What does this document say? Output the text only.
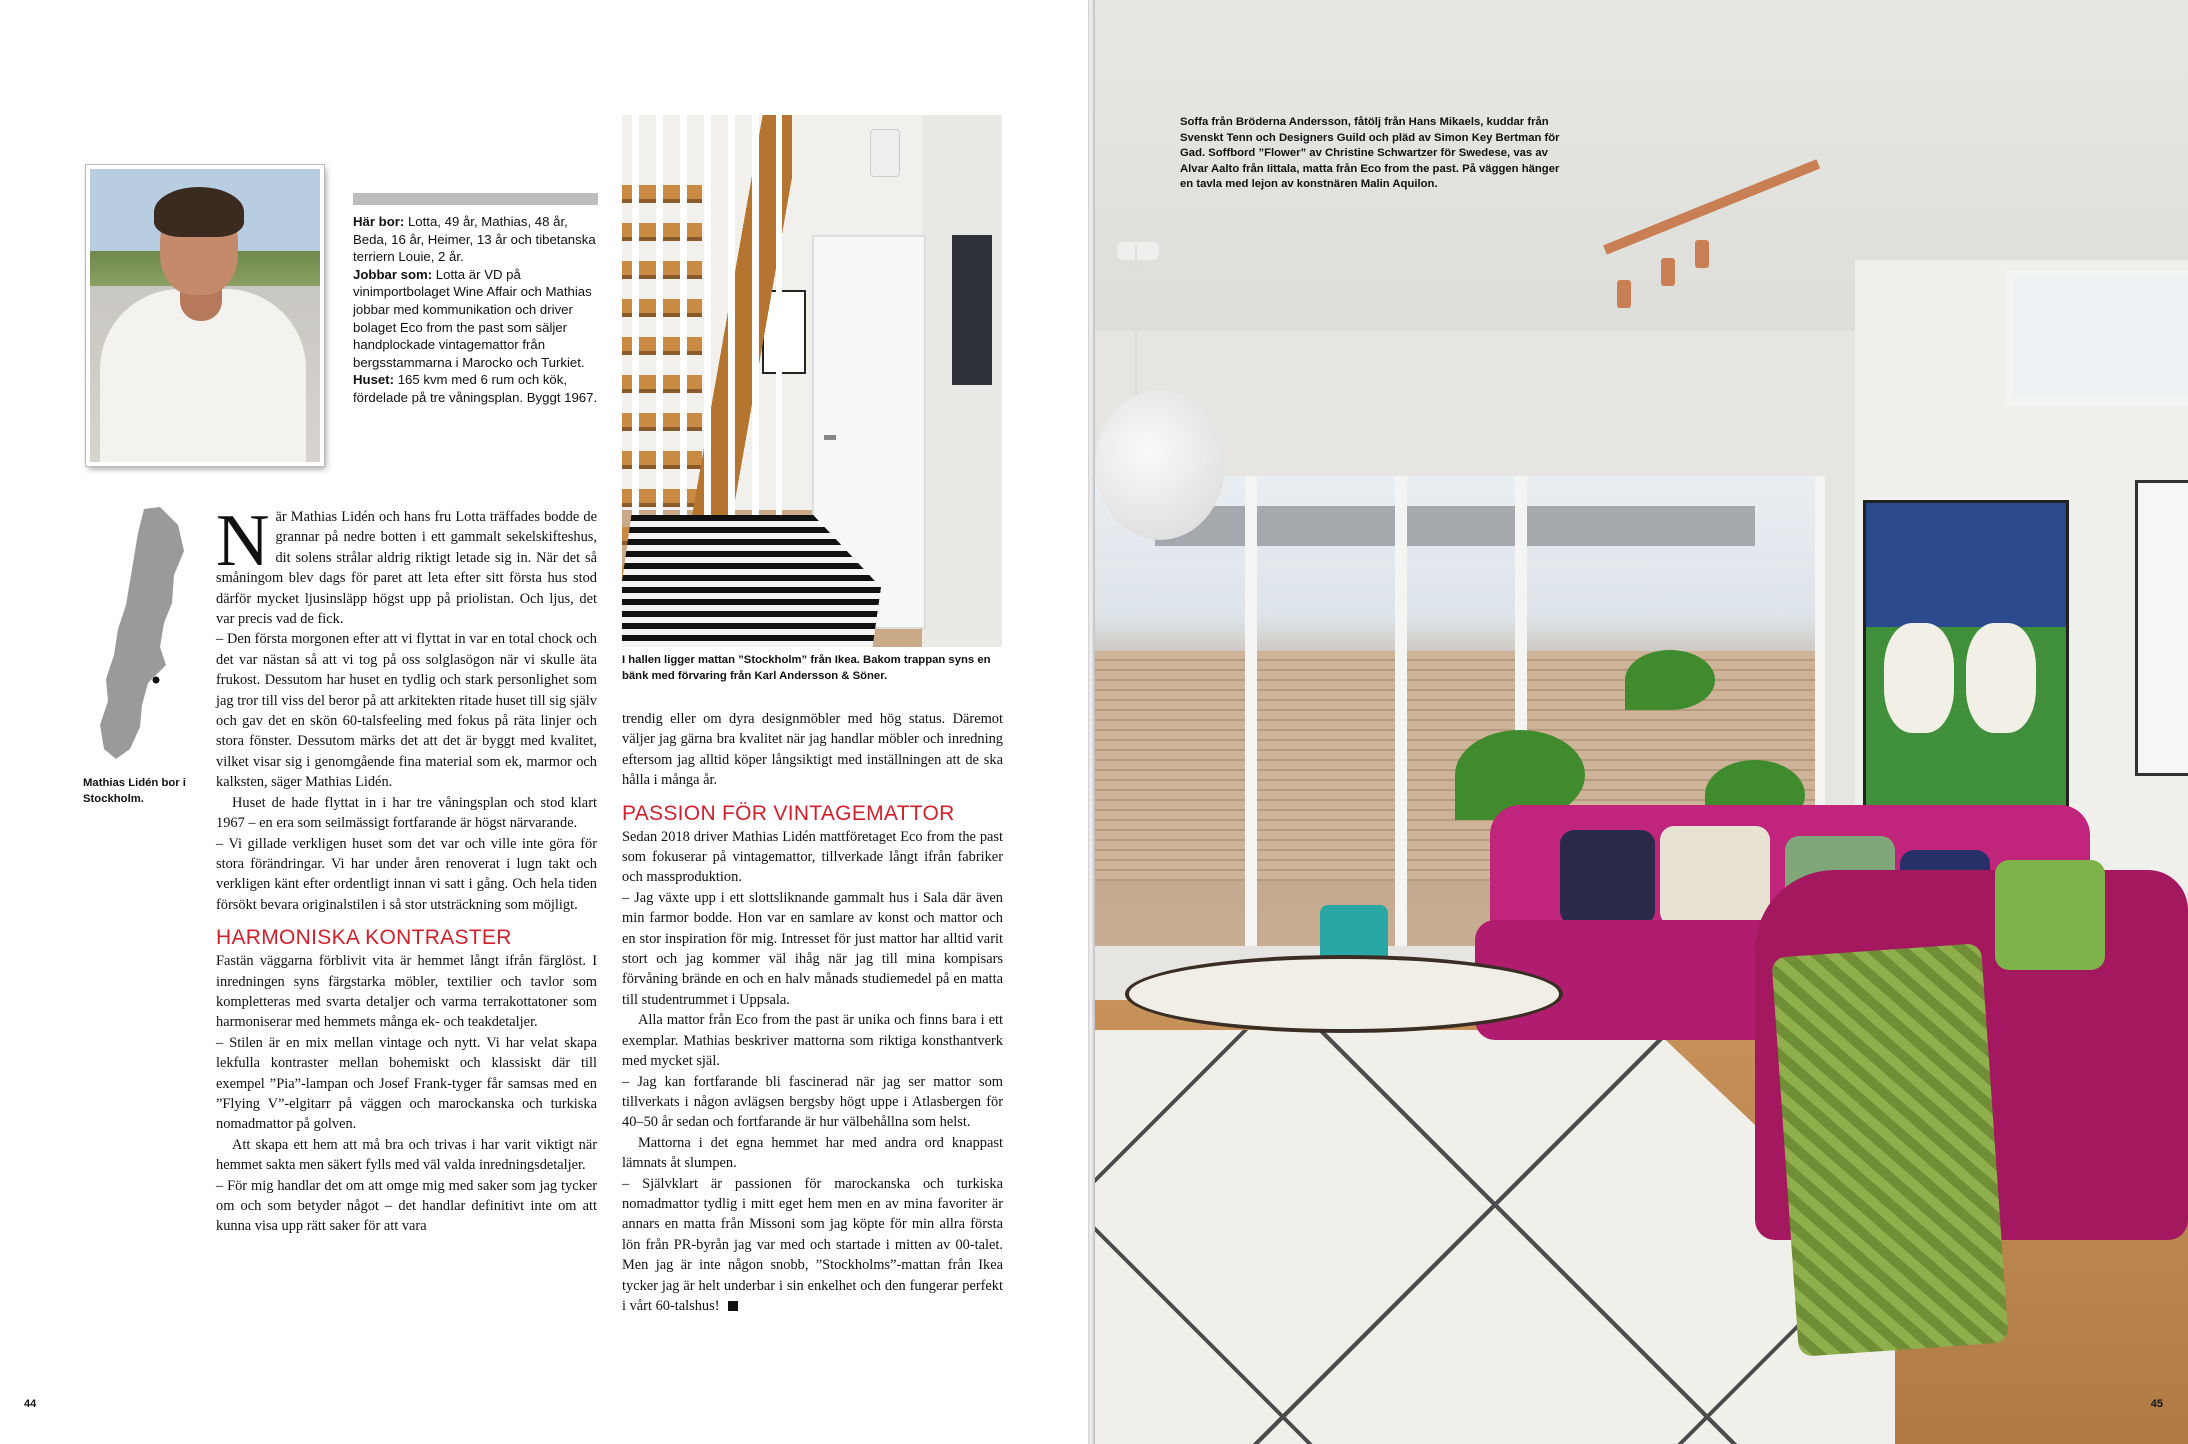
Här bor: Lotta, 49 år, Mathias, 48 år, Beda, 16 år, Heimer, 13 år och tibetanska terriern Louie, 2 år.
Jobbar som: Lotta är VD på vinimportbolaget Wine Affair och Mathias jobbar med kommunikation och driver bolaget Eco from the past som säljer handplockade vintagemattor från bergsstammarna i Marocko och Turkiet.
Huset: 165 kvm med 6 rum och kök, fördelade på tre våningsplan. Byggt 1967.
I hallen ligger mattan ”Stockholm” från Ikea. Bakom trappan syns en bänk med förvaring från Karl Andersson & Söner.
Mathias Lidén bor i Stockholm.

När Mathias Lidén och hans fru Lotta träffades bodde de grannar på nedre botten i ett gammalt sekelskifteshus, dit solens strålar aldrig riktigt letade sig in. När det så småningom blev dags för paret att leta efter sitt första hus stod därför mycket ljusinsläpp högst upp på priolistan. Och ljus, det var precis vad de fick.

– Den första morgonen efter att vi flyttat in var en total chock och det var nästan så att vi tog på oss solglasögon när vi skulle äta frukost. Dessutom har huset en tydlig och stark personlighet som jag tror till viss del beror på att arkitekten ritade huset till sig själv och gav det en skön 60-talsfeeling med fokus på räta linjer och stora fönster. Dessutom märks det att det är byggt med kvalitet, vilket visar sig i genomgående fina material som ek, marmor och kalksten, säger Mathias Lidén.

Huset de hade flyttat in i har tre våningsplan och stod klart 1967 – en era som seilmässigt fortfarande är högst närvarande.

– Vi gillade verkligen huset som det var och ville inte göra för stora förändringar. Vi har under åren renoverat i lugn takt och verkligen känt efter ordentligt innan vi satt i gång. Och hela tiden försökt bevara originalstilen i så stor utsträckning som möjligt.

HARMONISKA KONTRASTER

Fastän väggarna förblivit vita är hemmet långt ifrån färglöst. I inredningen syns färgstarka möbler, textilier och tavlor som kompletteras med svarta detaljer och varma terrakottatoner som harmoniserar med hemmets många ek- och teakdetaljer.

– Stilen är en mix mellan vintage och nytt. Vi har velat skapa lekfulla kontraster mellan bohemiskt och klassiskt där till exempel ”Pia”-lampan och Josef Frank-tyger får samsas med en ”Flying V”-elgitarr på väggen och marockanska och turkiska nomadmattor på golven.

Att skapa ett hem att må bra och trivas i har varit viktigt när hemmet sakta men säkert fylls med väl valda inredningsdetaljer.

– För mig handlar det om att omge mig med saker som jag tycker om och som betyder något – det handlar definitivt inte om att kunna visa upp rätt saker för att vara

trendig eller om dyra designmöbler med hög status. Däremot väljer jag gärna bra kvalitet när jag handlar möbler och inredning eftersom jag alltid köper långsiktigt med inställningen att de ska hålla i många år.

PASSION FÖR VINTAGEMATTOR

Sedan 2018 driver Mathias Lidén mattföretaget Eco from the past som fokuserar på vintagemattor, tillverkade långt ifrån fabriker och massproduktion.

– Jag växte upp i ett slottsliknande gammalt hus i Sala där även min farmor bodde. Hon var en samlare av konst och mattor och en stor inspiration för mig. Intresset för just mattor har alltid varit stort och jag kommer väl ihåg när jag till mina kompisars förvåning brände en och en halv månads studiemedel på en matta till studentrummet i Uppsala.

Alla mattor från Eco from the past är unika och finns bara i ett exemplar. Mathias beskriver mattorna som riktiga konsthantverk med mycket själ.

– Jag kan fortfarande bli fascinerad när jag ser mattor som tillverkats i någon avlägsen bergsby högt uppe i Atlasbergen för 40–50 år sedan och fortfarande är hur välbehållna som helst.

Mattorna i det egna hemmet har med andra ord knappast lämnats åt slumpen.

– Självklart är passionen för marockanska och turkiska nomadmattor tydlig i mitt eget hem men en av mina favoriter är annars en matta från Missoni som jag köpte för min allra första lön från PR-byrån jag var med och startade i mitten av 00-talet. Men jag är inte någon snobb, ”Stockholms”-mattan från Ikea tycker jag är helt underbar i sin enkelhet och den fungerar perfekt i vårt 60-talshus!

44
Soffa från Bröderna Andersson, fåtölj från Hans Mikaels, kuddar från Svenskt Tenn och Designers Guild och pläd av Simon Key Bertman för Gad. Soffbord ”Flower” av Christine Schwartzer för Swedese, vas av Alvar Aalto från Iittala, matta från Eco from the past. På väggen hänger en tavla med lejon av konstnären Malin Aquilon.
45
